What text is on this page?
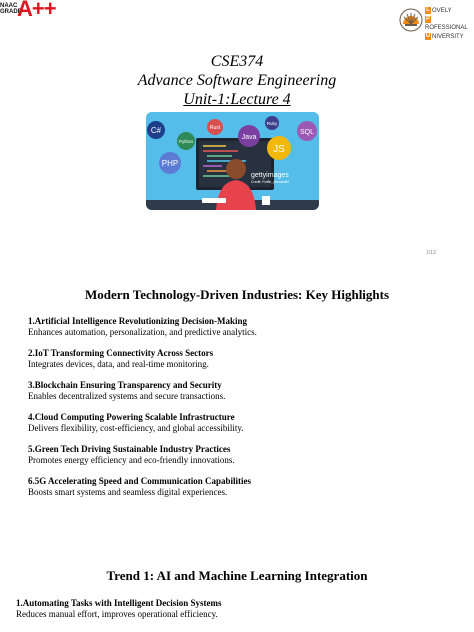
NAAC
GRADE
A++	L OVELY
PROFESSIONAL
U NIVERSITY
CSE374
Advance Software Engineering
Unit-1:Lecture 4
C#	Rust
Ruby
Python
Java
SQL
JS
PHP
gettyimages
Credit: Ruffin_Alexander
1/13
Modern Technology-Driven Industries: Key Highlights
1.Artificial Intelligence Revolutionizing Decision-Making
Enhances automation, personalization, and predictive analytics.
2.IoT Transforming Connectivity Across Sectors
Integrates devices, data, and real-time monitoring.
3.Blockchain Ensuring Transparency and Security
Enables decentralized systems and secure transactions.
4.Cloud Computing Powering Scalable Infrastructure
Delivers flexibility, cost-efficiency, and global accessibility.
5.Green Tech Driving Sustainable Industry Practices
Promotes energy efficiency and eco-friendly innovations.
6.5G Accelerating Speed and Communication Capabilities
Boosts smart systems and seamless digital experiences.
Trend 1: AI and Machine Learning Integration
1.Automating Tasks with Intelligent Decision Systems
Reduces manual effort, improves operational efficiency.
